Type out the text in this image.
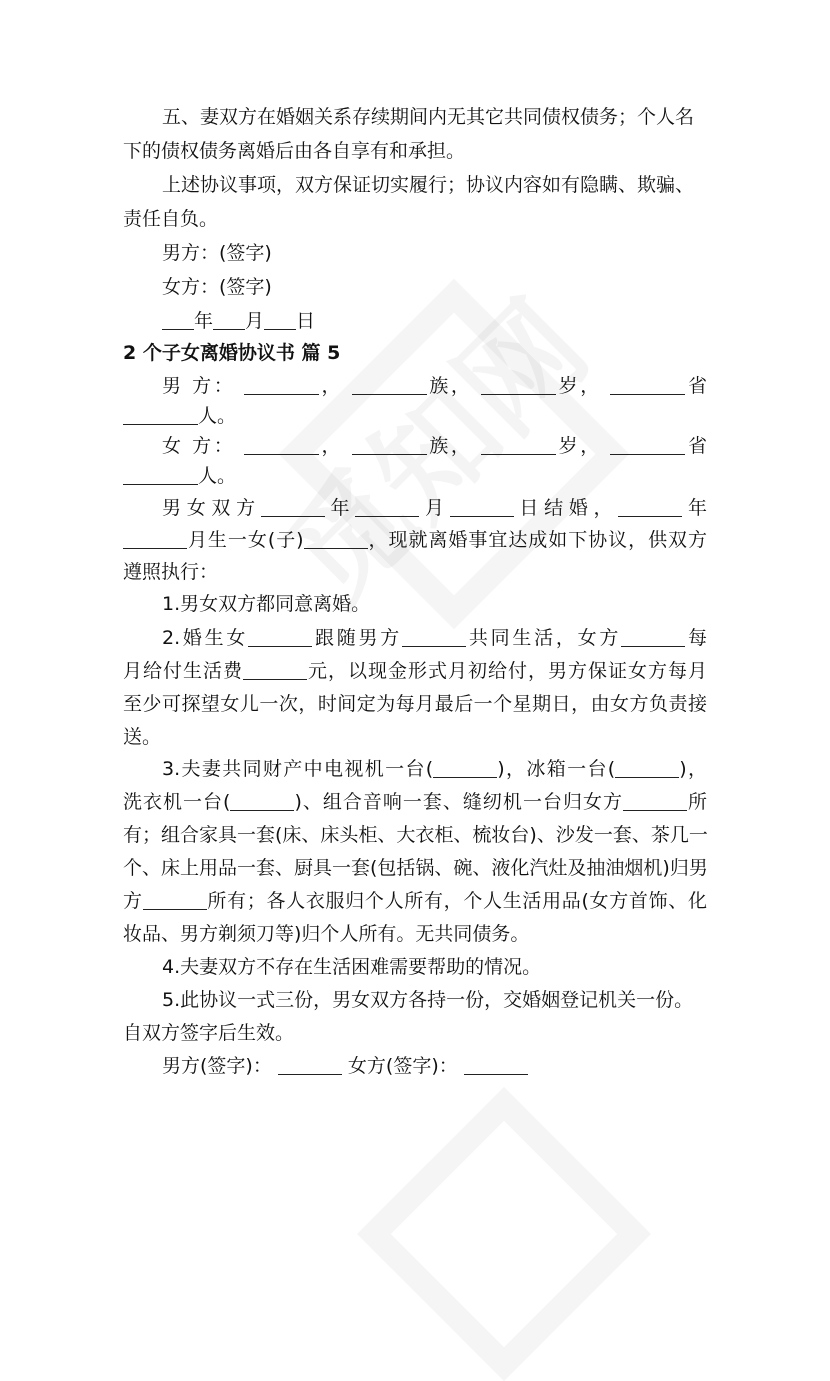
五、妻双方在婚姻关系存续期间内无其它共同债权债务；个人名
下的债权债务离婚后由各自享有和承担。
上述协议事项，双方保证切实履行；协议内容如有隐瞒、欺骗、
责任自负。
男方：(签字)
女方：(签字)
年 月 日
2 个子女离婚协议书 篇 5
男 方：	，	族，	岁，	省
人。
女 方：	，	族，	岁，	省
人。
男女双方	年	月	日结婚，	年
月生一女(子)	，现就离婚事宜达成如下协议，供双方
遵照执行：
1.男女双方都同意离婚。
2.婚生女	跟随男方	共同生活，女方	每
月给付生活费	元，以现金形式月初给付，男方保证女方每月
至少可探望女儿一次，时间定为每月最后一个星期日，由女方负责接
送。
3.夫妻共同财产中电视机一台(	)，冰箱一台(	)，
洗衣机一台(	)、组合音响一套、缝纫机一台归女方	所
有；组合家具一套(床、床头柜、大衣柜、梳妆台)、沙发一套、茶几一
个、床上用品一套、厨具一套(包括锅、碗、液化汽灶及抽油烟机)归男
方	所有；各人衣服归个人所有，个人生活用品(女方首饰、化
妆品、男方剃须刀等)归个人所有。无共同债务。
4.夫妻双方不存在生活困难需要帮助的情况。
5.此协议一式三份，男女双方各持一份，交婚姻登记机关一份。
自双方签字后生效。
男方(签字)：	女方(签字)：
